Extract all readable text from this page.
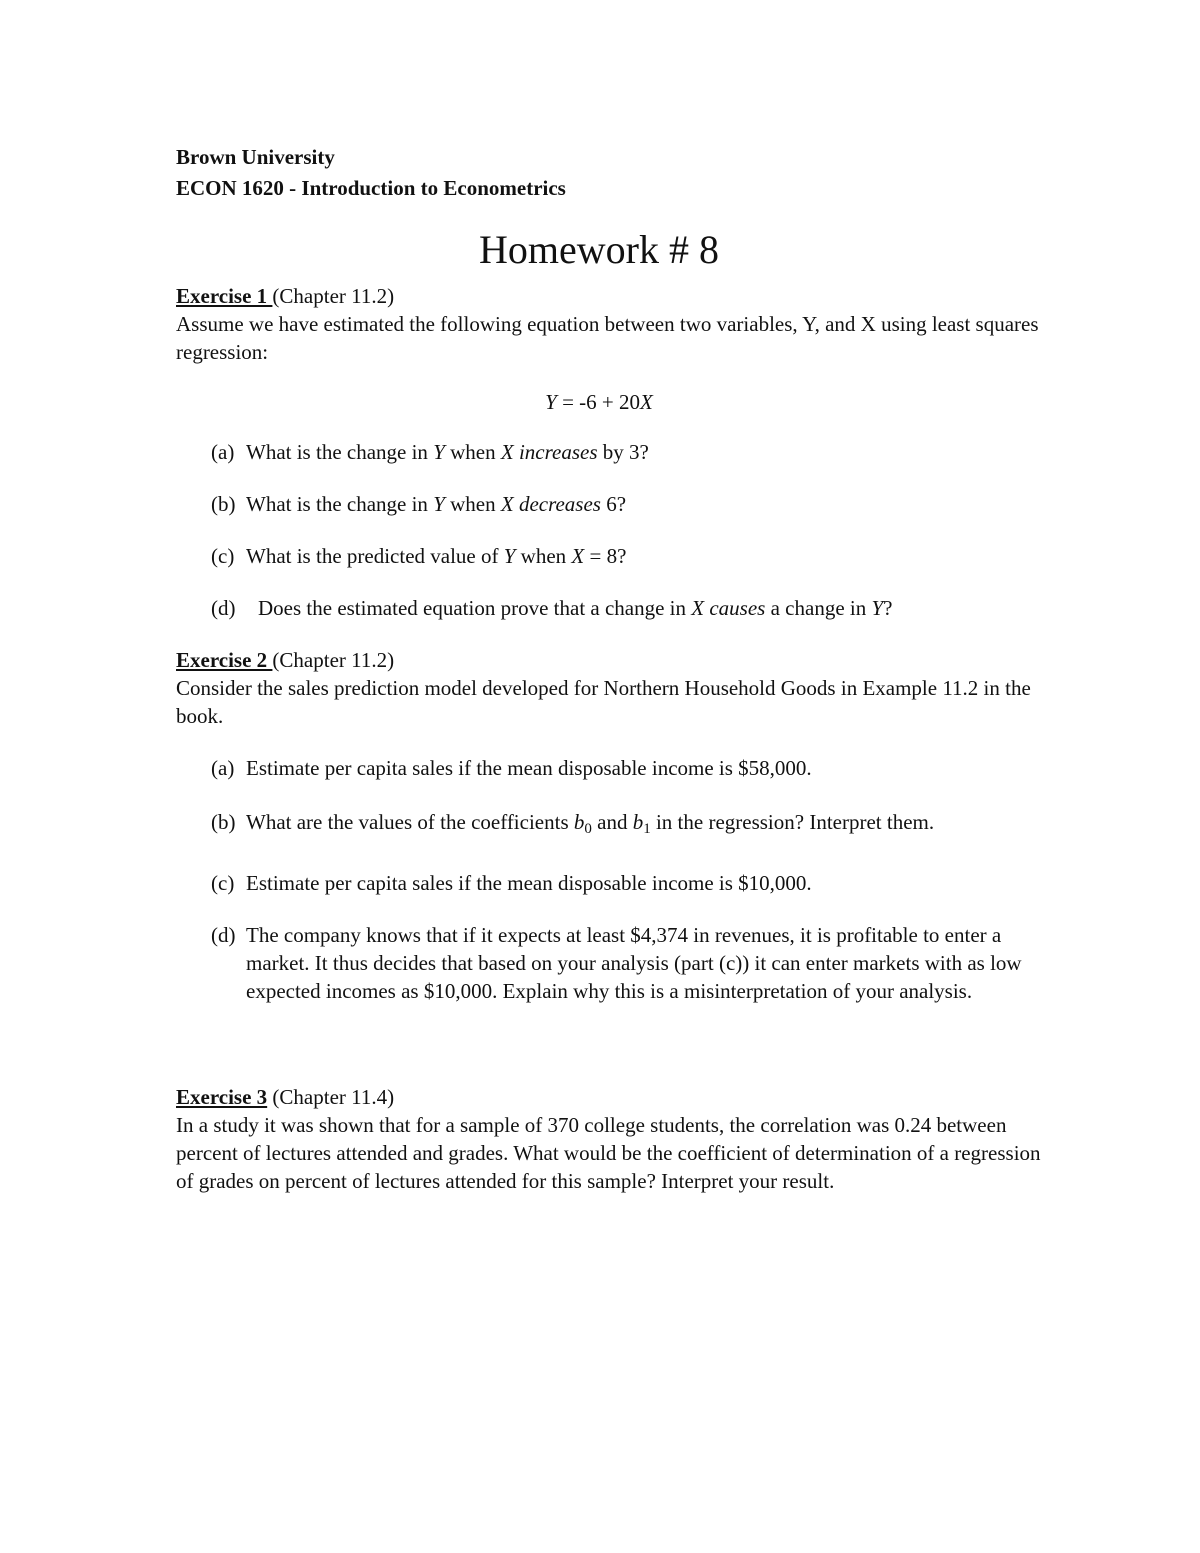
Brown University
ECON 1620 - Introduction to Econometrics
Homework # 8
Exercise 1 (Chapter 11.2)

Assume we have estimated the following equation between two variables, Y, and X using least squares regression:

Y = -6 + 20X
(a) What is the change in Y when X increases by 3?
(b) What is the change in Y when X decreases 6?
(c) What is the predicted value of Y when X = 8?
(d) Does the estimated equation prove that a change in X causes a change in Y?
Exercise 2 (Chapter 11.2)

Consider the sales prediction model developed for Northern Household Goods in Example 11.2 in the book.

(a) Estimate per capita sales if the mean disposable income is $58,000.
(b) What are the values of the coefficients $b_0$ and $b_1$ in the regression? Interpret them.
(c) Estimate per capita sales if the mean disposable income is $10,000.
(d) The company knows that if it expects at least $4,374 in revenues, it is profitable to enter a market. It thus decides that based on your analysis (part (c)) it can enter markets with as low expected incomes as $10,000. Explain why this is a misinterpretation of your analysis.
Exercise 3 (Chapter 11.4)

In a study it was shown that for a sample of 370 college students, the correlation was 0.24 between percent of lectures attended and grades. What would be the coefficient of determination of a regression of grades on percent of lectures attended for this sample? Interpret your result.
